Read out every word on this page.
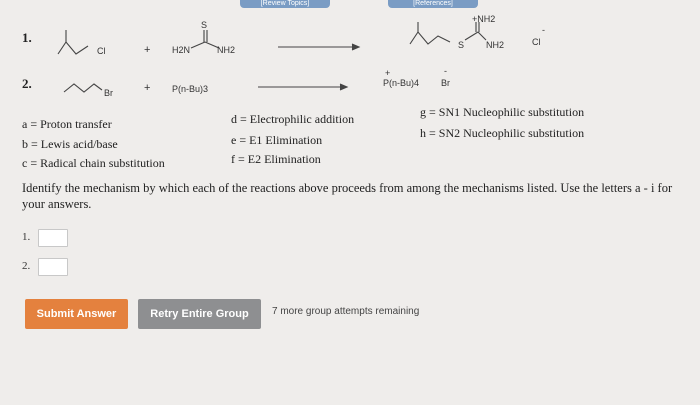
[Review Topics]	[References]
1.
Cl	+
S
H2N	NH2
+NH2
S NH2	Cl
-
2.
Br	+ P(n-Bu)3
+
P(n-Bu)4 Br
-
a = Proton transfer
b = Lewis acid/base
c = Radical chain substitution
d = Electrophilic addition
e = E1 Elimination
f = E2 Elimination
g = SN1 Nucleophilic substitution
h = SN2 Nucleophilic substitution
Identify the mechanism by which each of the reactions above proceeds from among the mechanisms listed. Use the letters a - i for your answers.
1.
2.
Submit Answer	Retry Entire Group	7 more group attempts remaining
